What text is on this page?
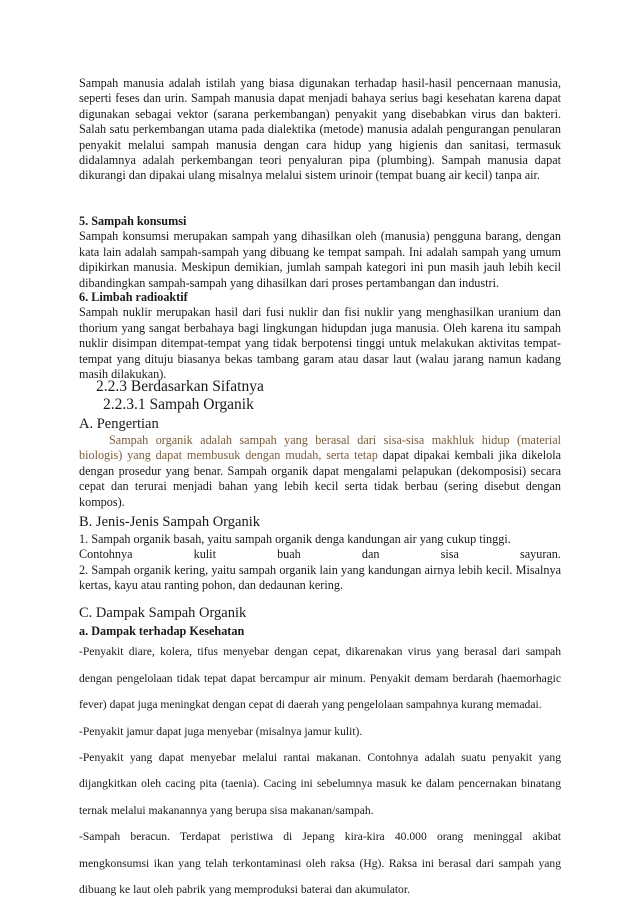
Sampah manusia adalah istilah yang biasa digunakan terhadap hasil-hasil pencernaan manusia, seperti feses dan urin. Sampah manusia dapat menjadi bahaya serius bagi kesehatan karena dapat digunakan sebagai vektor (sarana perkembangan) penyakit yang disebabkan virus dan bakteri. Salah satu perkembangan utama pada dialektika (metode) manusia adalah pengurangan penularan penyakit melalui sampah manusia dengan cara hidup yang higienis dan sanitasi, termasuk didalamnya adalah perkembangan teori penyaluran pipa (plumbing). Sampah manusia dapat dikurangi dan dipakai ulang misalnya melalui sistem urinoir (tempat buang air kecil) tanpa air.

5. Sampah konsumsi

Sampah konsumsi merupakan sampah yang dihasilkan oleh (manusia) pengguna barang, dengan kata lain adalah sampah-sampah yang dibuang ke tempat sampah. Ini adalah sampah yang umum dipikirkan manusia. Meskipun demikian, jumlah sampah kategori ini pun masih jauh lebih kecil dibandingkan sampah-sampah yang dihasilkan dari proses pertambangan dan industri.

6. Limbah radioaktif

Sampah nuklir merupakan hasil dari fusi nuklir dan fisi nuklir yang menghasilkan uranium dan thorium yang sangat berbahaya bagi lingkungan hidupdan juga manusia. Oleh karena itu sampah nuklir disimpan ditempat-tempat yang tidak berpotensi tinggi untuk melakukan aktivitas tempat-tempat yang dituju biasanya bekas tambang garam atau dasar laut (walau jarang namun kadang masih dilakukan).

2.2.3 Berdasarkan Sifatnya

2.2.3.1 Sampah Organik

A. Pengertian

Sampah organik adalah sampah yang berasal dari sisa-sisa makhluk hidup (material biologis) yang dapat membusuk dengan mudah, serta tetap dapat dipakai kembali jika dikelola dengan prosedur yang benar. Sampah organik dapat mengalami pelapukan (dekomposisi) secara cepat dan terurai menjadi bahan yang lebih kecil serta tidak berbau (sering disebut dengan kompos).

B. Jenis-Jenis Sampah Organik

1. Sampah organik basah, yaitu sampah organik denga kandungan air yang cukup tinggi.

Contohnya	kulit	buah	dan	sisa	sayuran.

2. Sampah organik kering, yaitu sampah organik lain yang kandungan airnya lebih kecil. Misalnya kertas, kayu atau ranting pohon, dan dedaunan kering.

C. Dampak Sampah Organik

a. Dampak terhadap Kesehatan

-Penyakit diare, kolera, tifus menyebar dengan cepat, dikarenakan virus yang berasal dari sampah dengan pengelolaan tidak tepat dapat bercampur air minum. Penyakit demam berdarah (haemorhagic fever) dapat juga meningkat dengan cepat di daerah yang pengelolaan sampahnya kurang memadai.

-Penyakit jamur dapat juga menyebar (misalnya jamur kulit).

-Penyakit yang dapat menyebar melalui rantai makanan. Contohnya adalah suatu penyakit yang dijangkitkan oleh cacing pita (taenia). Cacing ini sebelumnya masuk ke dalam pencernakan binatang ternak melalui makanannya yang berupa sisa makanan/sampah.

-Sampah beracun. Terdapat peristiwa di Jepang kira-kira 40.000 orang meninggal akibat mengkonsumsi ikan yang telah terkontaminasi oleh raksa (Hg). Raksa ini berasal dari sampah yang dibuang ke laut oleh pabrik yang memproduksi baterai dan akumulator.
